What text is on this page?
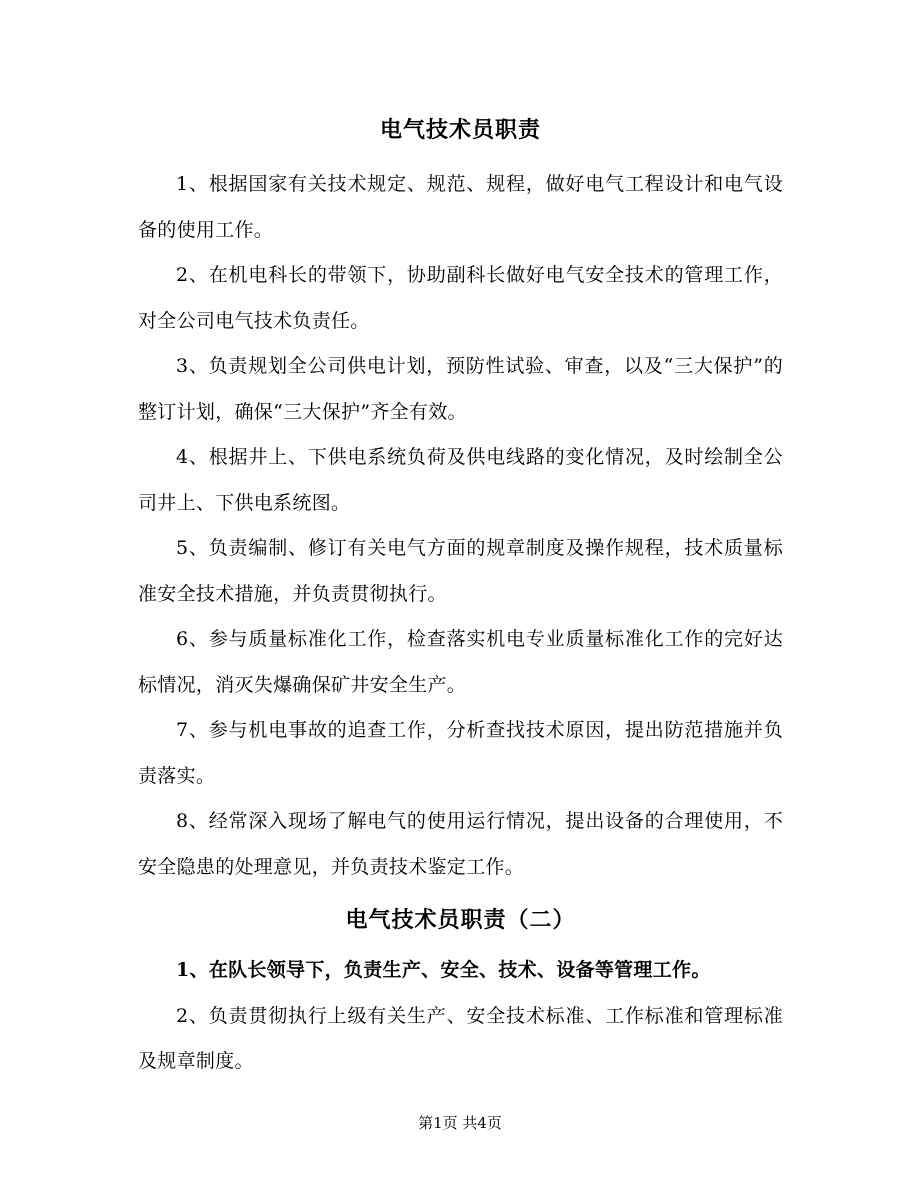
电气技术员职责

1、根据国家有关技术规定、规范、规程，做好电气工程设计和电气设备的使用工作。

2、在机电科长的带领下，协助副科长做好电气安全技术的管理工作，对全公司电气技术负责任。

3、负责规划全公司供电计划，预防性试验、审查，以及“三大保护”的整订计划，确保“三大保护”齐全有效。

4、根据井上、下供电系统负荷及供电线路的变化情况，及时绘制全公司井上、下供电系统图。

5、负责编制、修订有关电气方面的规章制度及操作规程，技术质量标准安全技术措施，并负责贯彻执行。

6、参与质量标准化工作，检查落实机电专业质量标准化工作的完好达标情况，消灭失爆确保矿井安全生产。

7、参与机电事故的追查工作，分析查找技术原因，提出防范措施并负责落实。

8、经常深入现场了解电气的使用运行情况，提出设备的合理使用，不安全隐患的处理意见，并负责技术鉴定工作。

电气技术员职责（二）

1、在队长领导下，负责生产、安全、技术、设备等管理工作。

2、负责贯彻执行上级有关生产、安全技术标准、工作标准和管理标准及规章制度。

第1页 共4页
